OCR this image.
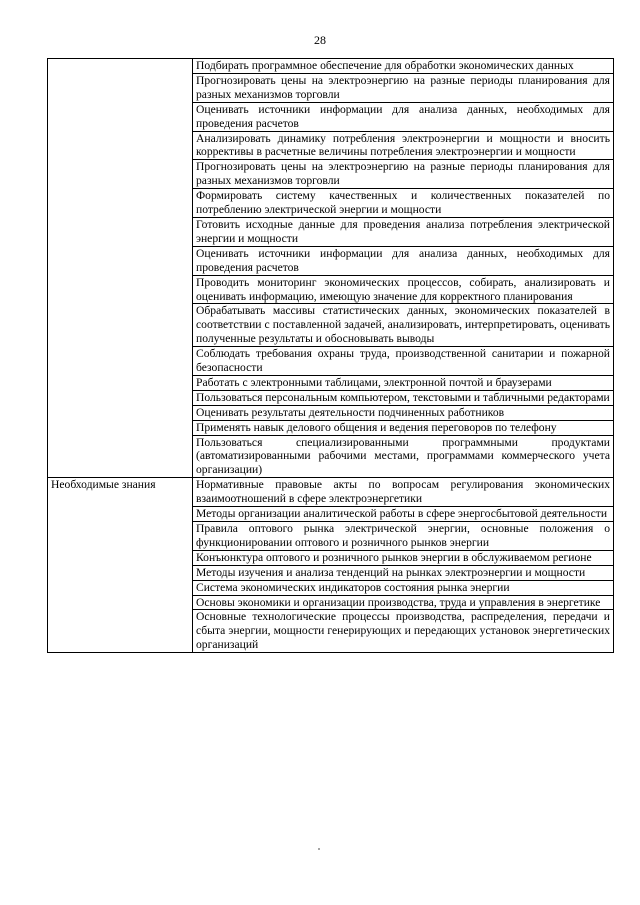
28
	Подбирать программное обеспечение для обработки экономических данных
	Прогнозировать цены на электроэнергию на разные периоды планирования для разных механизмов торговли
	Оценивать источники информации для анализа данных, необходимых для проведения расчетов
	Анализировать динамику потребления электроэнергии и мощности и вносить коррективы в расчетные величины потребления электроэнергии и мощности
	Прогнозировать цены на электроэнергию на разные периоды планирования для разных механизмов торговли
	Формировать систему качественных и количественных показателей по потреблению электрической энергии и мощности
	Готовить исходные данные для проведения анализа потребления электрической энергии и мощности
	Оценивать источники информации для анализа данных, необходимых для проведения расчетов
	Проводить мониторинг экономических процессов, собирать, анализировать и оценивать информацию, имеющую значение для корректного планирования
	Обрабатывать массивы статистических данных, экономических показателей в соответствии с поставленной задачей, анализировать, интерпретировать, оценивать полученные результаты и обосновывать выводы
	Соблюдать требования охраны труда, производственной санитарии и пожарной безопасности
	Работать с электронными таблицами, электронной почтой и браузерами
	Пользоваться персональным компьютером, текстовыми и табличными редакторами
	Оценивать результаты деятельности подчиненных работников
	Применять навык делового общения и ведения переговоров по телефону
	Пользоваться специализированными программными продуктами (автоматизированными рабочими местами, программами коммерческого учета организации)
Необходимые знания	Нормативные правовые акты по вопросам регулирования экономических взаимоотношений в сфере электроэнергетики
	Методы организации аналитической работы в сфере энергосбытовой деятельности
	Правила оптового рынка электрической энергии, основные положения о функционировании оптового и розничного рынков энергии
	Конъюнктура оптового и розничного рынков энергии в обслуживаемом регионе
	Методы изучения и анализа тенденций на рынках электроэнергии и мощности
	Система экономических индикаторов состояния рынка энергии
	Основы экономики и организации производства, труда и управления в энергетике
	Основные технологические процессы производства, распределения, передачи и сбыта энергии, мощности генерирующих и передающих установок энергетических организаций
